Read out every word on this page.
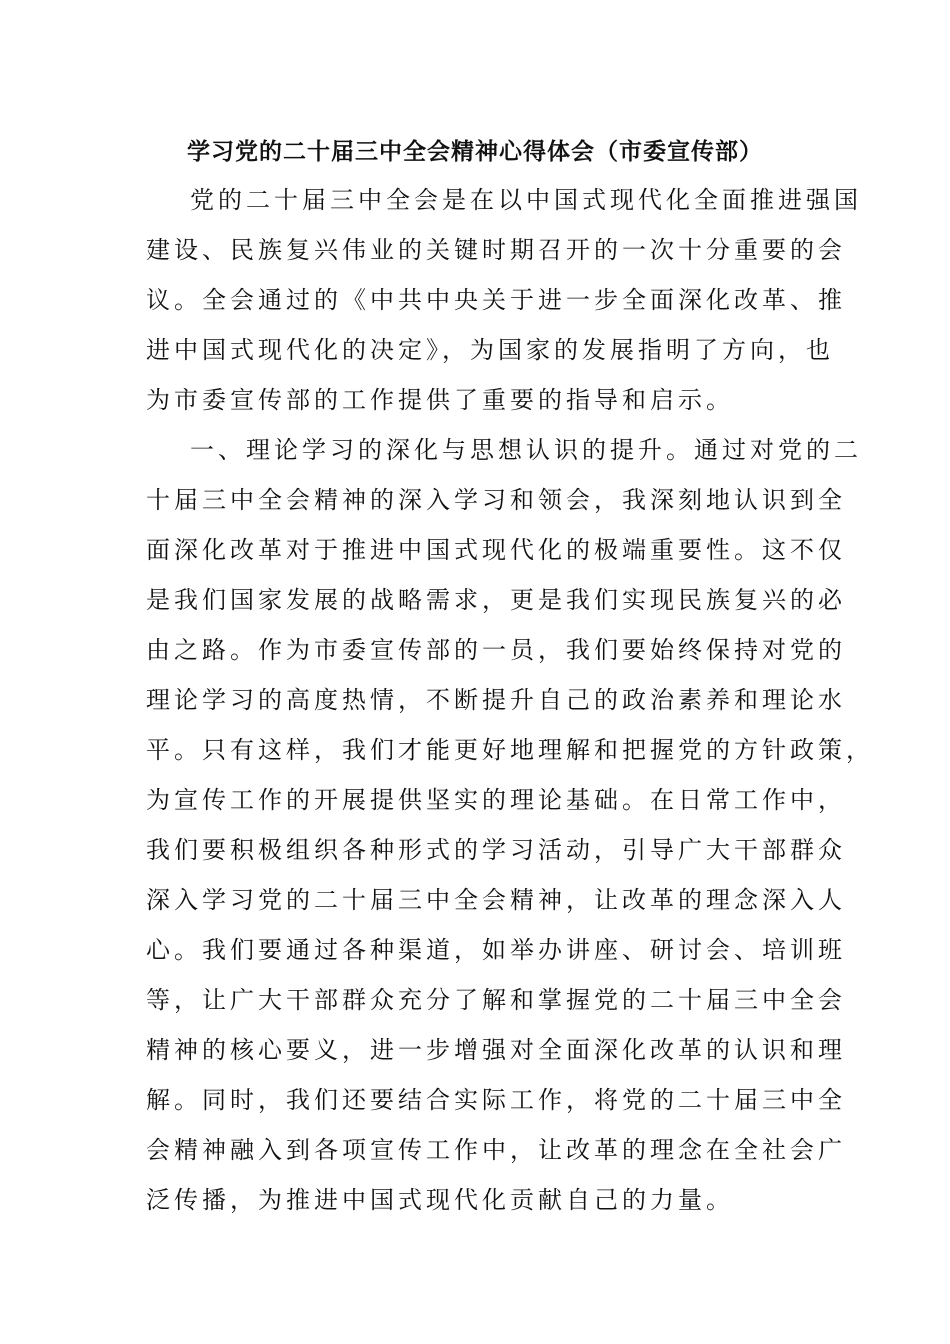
学习党的二十届三中全会精神心得体会（市委宣传部）
党的二十届三中全会是在以中国式现代化全面推进强国
建设、民族复兴伟业的关键时期召开的一次十分重要的会
议。全会通过的《中共中央关于进一步全面深化改革、推
进中国式现代化的决定》，为国家的发展指明了方向，也
为市委宣传部的工作提供了重要的指导和启示。
一、理论学习的深化与思想认识的提升。通过对党的二
十届三中全会精神的深入学习和领会，我深刻地认识到全
面深化改革对于推进中国式现代化的极端重要性。这不仅
是我们国家发展的战略需求，更是我们实现民族复兴的必
由之路。作为市委宣传部的一员，我们要始终保持对党的
理论学习的高度热情，不断提升自己的政治素养和理论水
平。只有这样，我们才能更好地理解和把握党的方针政策，
为宣传工作的开展提供坚实的理论基础。在日常工作中，
我们要积极组织各种形式的学习活动，引导广大干部群众
深入学习党的二十届三中全会精神，让改革的理念深入人
心。我们要通过各种渠道，如举办讲座、研讨会、培训班
等，让广大干部群众充分了解和掌握党的二十届三中全会
精神的核心要义，进一步增强对全面深化改革的认识和理
解。同时，我们还要结合实际工作，将党的二十届三中全
会精神融入到各项宣传工作中，让改革的理念在全社会广
泛传播，为推进中国式现代化贡献自己的力量。
